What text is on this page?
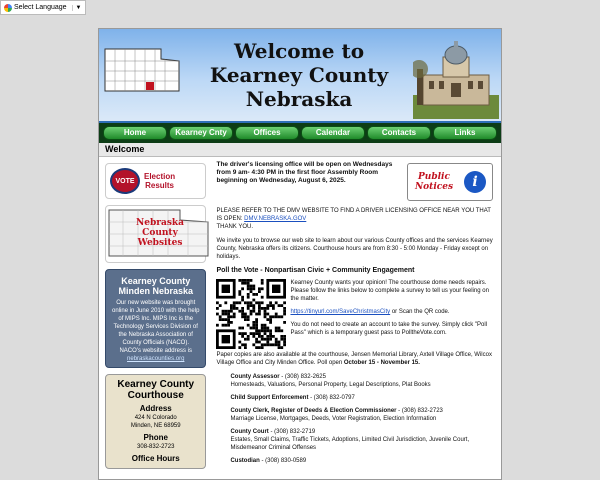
Select Language	▼
Welcome to
Kearney County
Nebraska
Home	Kearney Cnty	Offices	Calendar	Contacts	Links
Welcome
VOTE	Election
Results
Nebraska
County
Websites
Kearney County Minden Nebraska

Our new website was brought online in June 2010 with the help of MIPS Inc. MIPS Inc is the Technology Services Division of the Nebraska Association of County Officials (NACO). NACO's website address is

nebraskacounties.org

Kearney County Courthouse
Address

424 N Colorado

Minden, NE 68959

Phone

308-832-2723

Office Hours
The driver's licensing office will be open on Wednesdays from 9 am- 4:30 PM in the first floor Assembly Room beginning on Wednesday, August 6, 2025.	Public
Notices	i

PLEASE REFER TO THE DMV WEBSITE TO FIND A DRIVER LICENSING OFFICE NEAR YOU THAT IS OPEN: DMV.NEBRASKA.GOV
THANK YOU.

We invite you to browse our web site to learn about our various County offices and the services Kearney County, Nebraska offers its citizens. Courthouse hours are from 8:30 - 5:00 Monday - Friday except on holidays.

Poll the Vote - Nonpartisan Civic + Community Engagement

Kearney County wants your opinion! The courthouse dome needs repairs. Please follow the links below to complete a survey to tell us your feeling on the matter.

https://tinyurl.com/SaveChristmasCity or Scan the QR code.

You do not need to create an account to take the survey. Simply click "Poll Pass" which is a temporary guest pass to PolltheVote.com.

Paper copies are also available at the courthouse, Jensen Memorial Library, Axtell Village Office, Wilcox Village Office and City Minden Office. Poll open October 15 - November 15.

County Assessor - (308) 832-2625
Homesteads, Valuations, Personal Property, Legal Descriptions, Plat Books
Child Support Enforcement - (308) 832-0797

County Clerk, Register of Deeds & Election Commissioner - (308) 832-2723
Marriage License, Mortgages, Deeds, Voter Registration, Election Information
County Court - (308) 832-2719
Estates, Small Claims, Traffic Tickets, Adoptions, Limited Civil Jurisdiction, Juvenile Court, Misdemeanor Criminal Offenses
Custodian - (308) 830-0589
